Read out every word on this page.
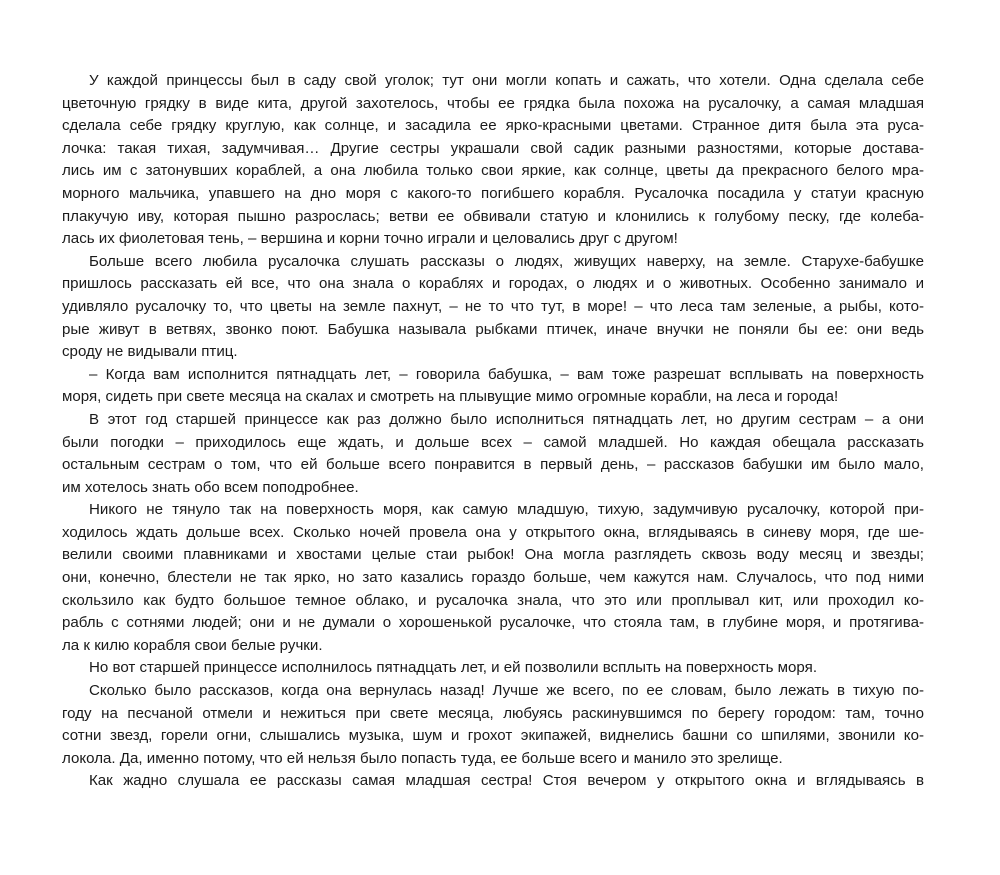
У каждой принцессы был в саду свой уголок; тут они могли копать и сажать, что хотели. Одна сделала себе
цветочную грядку в виде кита, другой захотелось, чтобы ее грядка была похожа на русалочку, а самая младшая
сделала себе грядку круглую, как солнце, и засадила ее ярко-красными цветами. Странное дитя была эта руса-
лочка: такая тихая, задумчивая… Другие сестры украшали свой садик разными разностями, которые достава-
лись им с затонувших кораблей, а она любила только свои яркие, как солнце, цветы да прекрасного белого мра-
морного мальчика, упавшего на дно моря с какого-то погибшего корабля. Русалочка посадила у статуи красную
плакучую иву, которая пышно разрослась; ветви ее обвивали статую и клонились к голубому песку, где колеба-
лась их фиолетовая тень, – вершина и корни точно играли и целовались друг с другом!
Больше всего любила русалочка слушать рассказы о людях, живущих наверху, на земле. Старухе-бабушке
пришлось рассказать ей все, что она знала о кораблях и городах, о людях и о животных. Особенно занимало и
удивляло русалочку то, что цветы на земле пахнут, – не то что тут, в море! – что леса там зеленые, а рыбы, кото-
рые живут в ветвях, звонко поют. Бабушка называла рыбками птичек, иначе внучки не поняли бы ее: они ведь
сроду не видывали птиц.
– Когда вам исполнится пятнадцать лет, – говорила бабушка, – вам тоже разрешат всплывать на поверхность
моря, сидеть при свете месяца на скалах и смотреть на плывущие мимо огромные корабли, на леса и города!
В этот год старшей принцессе как раз должно было исполниться пятнадцать лет, но другим сестрам – а они
были погодки – приходилось еще ждать, и дольше всех – самой младшей. Но каждая обещала рассказать
остальным сестрам о том, что ей больше всего понравится в первый день, – рассказов бабушки им было мало,
им хотелось знать обо всем поподробнее.
Никого не тянуло так на поверхность моря, как самую младшую, тихую, задумчивую русалочку, которой при-
ходилось ждать дольше всех. Сколько ночей провела она у открытого окна, вглядываясь в синеву моря, где ше-
велили своими плавниками и хвостами целые стаи рыбок! Она могла разглядеть сквозь воду месяц и звезды;
они, конечно, блестели не так ярко, но зато казались гораздо больше, чем кажутся нам. Случалось, что под ними
скользило как будто большое темное облако, и русалочка знала, что это или проплывал кит, или проходил ко-
рабль с сотнями людей; они и не думали о хорошенькой русалочке, что стояла там, в глубине моря, и протягива-
ла к килю корабля свои белые ручки.
Но вот старшей принцессе исполнилось пятнадцать лет, и ей позволили всплыть на поверхность моря.
Сколько было рассказов, когда она вернулась назад! Лучше же всего, по ее словам, было лежать в тихую по-
году на песчаной отмели и нежиться при свете месяца, любуясь раскинувшимся по берегу городом: там, точно
сотни звезд, горели огни, слышались музыка, шум и грохот экипажей, виднелись башни со шпилями, звонили ко-
локола. Да, именно потому, что ей нельзя было попасть туда, ее больше всего и манило это зрелище.
Как жадно слушала ее рассказы самая младшая сестра! Стоя вечером у открытого окна и вглядываясь в
